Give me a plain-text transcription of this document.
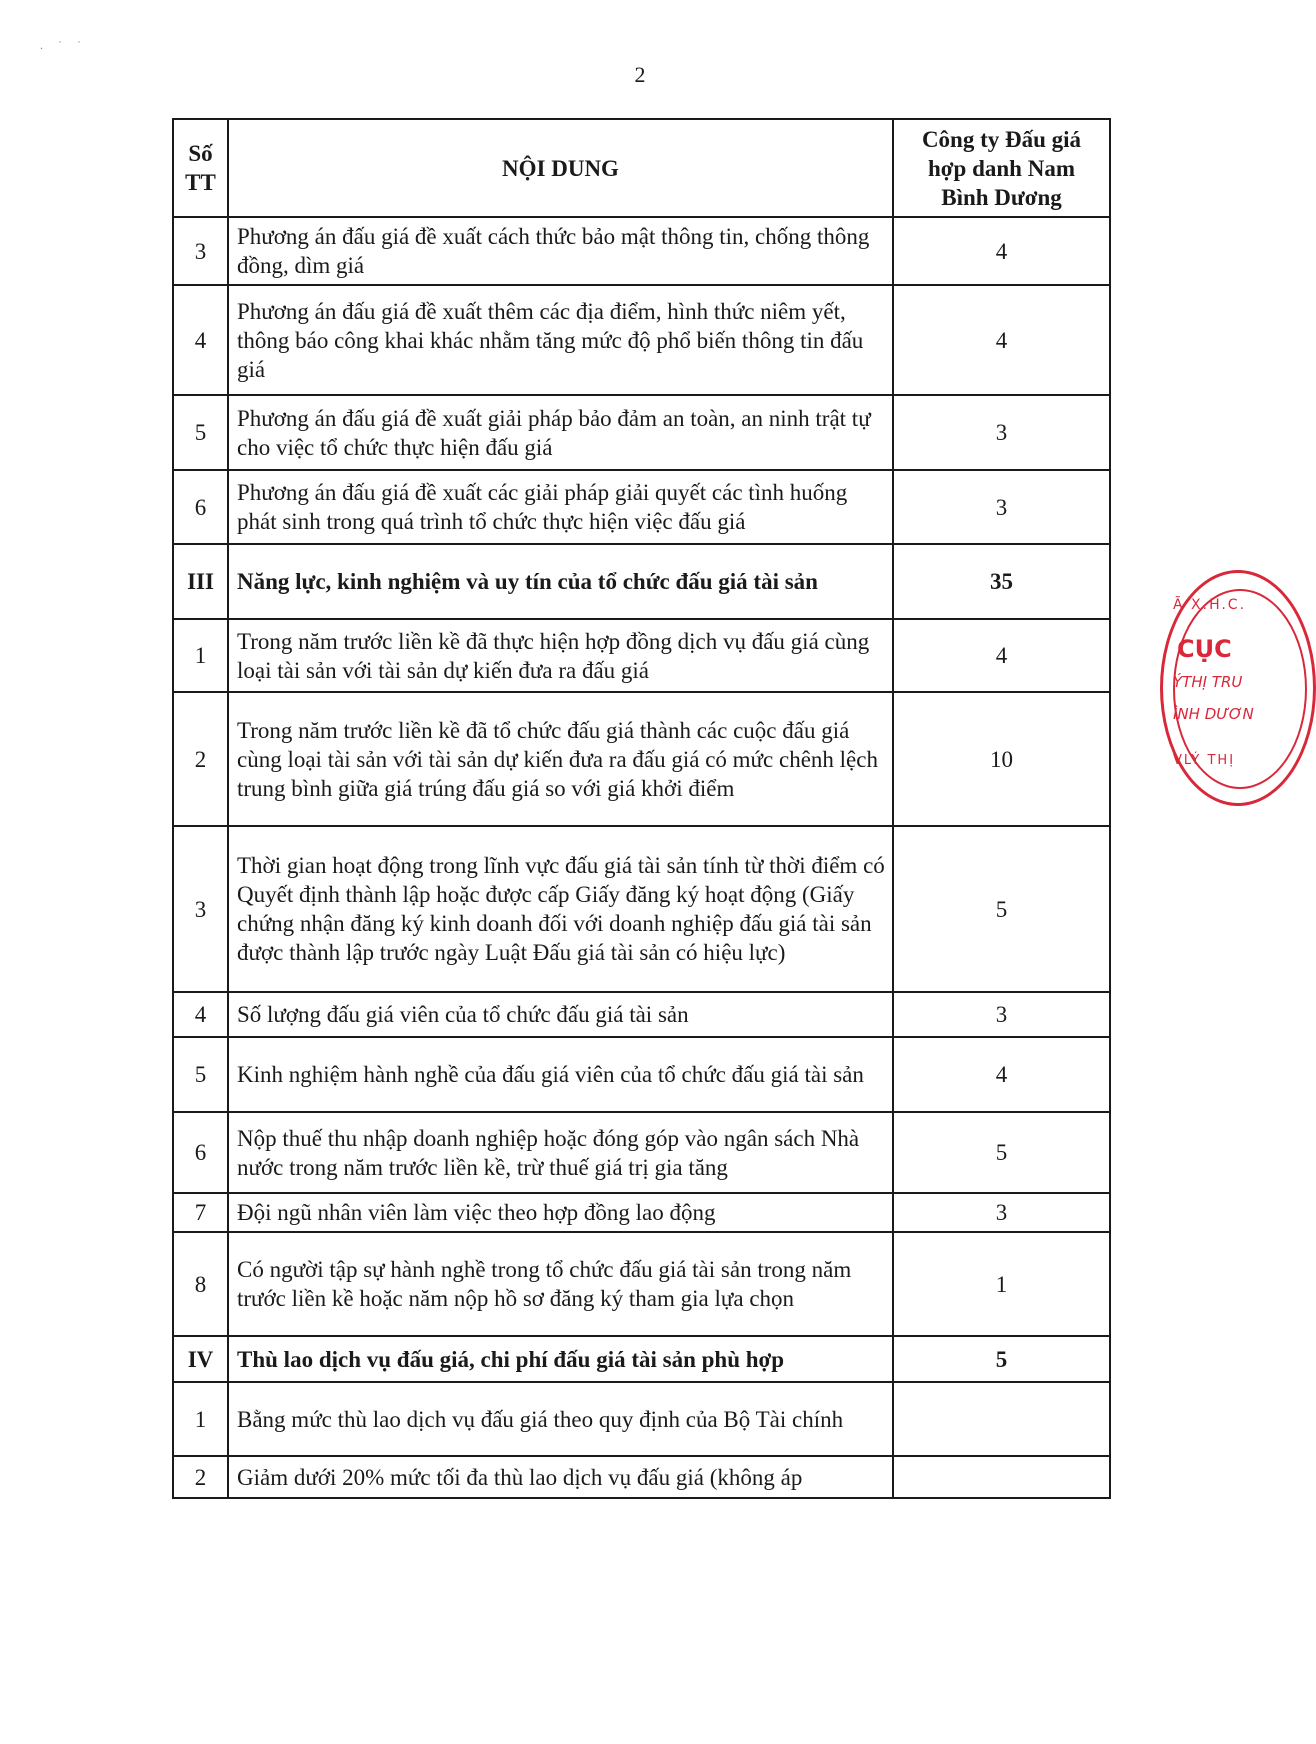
. ˙ ˙
2
Số TT	NỘI DUNG	Công ty Đấu giá hợp danh Nam Bình Dương
3	Phương án đấu giá đề xuất cách thức bảo mật thông tin, chống thông đồng, dìm giá	4
4	Phương án đấu giá đề xuất thêm các địa điểm, hình thức niêm yết, thông báo công khai khác nhằm tăng mức độ phổ biến thông tin đấu giá	4
5	Phương án đấu giá đề xuất giải pháp bảo đảm an toàn, an ninh trật tự cho việc tổ chức thực hiện đấu giá	3
6	Phương án đấu giá đề xuất các giải pháp giải quyết các tình huống phát sinh trong quá trình tổ chức thực hiện việc đấu giá	3
III	Năng lực, kinh nghiệm và uy tín của tổ chức đấu giá tài sản	35
1	Trong năm trước liền kề đã thực hiện hợp đồng dịch vụ đấu giá cùng loại tài sản với tài sản dự kiến đưa ra đấu giá	4
2	Trong năm trước liền kề đã tổ chức đấu giá thành các cuộc đấu giá cùng loại tài sản với tài sản dự kiến đưa ra đấu giá có mức chênh lệch trung bình giữa giá trúng đấu giá so với giá khởi điểm	10
3	Thời gian hoạt động trong lĩnh vực đấu giá tài sản tính từ thời điểm có Quyết định thành lập hoặc được cấp Giấy đăng ký hoạt động (Giấy chứng nhận đăng ký kinh doanh đối với doanh nghiệp đấu giá tài sản được thành lập trước ngày Luật Đấu giá tài sản có hiệu lực)	5
4	Số lượng đấu giá viên của tổ chức đấu giá tài sản	3
5	Kinh nghiệm hành nghề của đấu giá viên của tổ chức đấu giá tài sản	4
6	Nộp thuế thu nhập doanh nghiệp hoặc đóng góp vào ngân sách Nhà nước trong năm trước liền kề, trừ thuế giá trị gia tăng	5
7	Đội ngũ nhân viên làm việc theo hợp đồng lao động	3
8	Có người tập sự hành nghề trong tổ chức đấu giá tài sản trong năm trước liền kề hoặc năm nộp hồ sơ đăng ký tham gia lựa chọn	1
IV	Thù lao dịch vụ đấu giá, chi phí đấu giá tài sản phù hợp	5
1	Bằng mức thù lao dịch vụ đấu giá theo quy định của Bộ Tài chính	
2	Giảm dưới 20% mức tối đa thù lao dịch vụ đấu giá (không áp	
Ã X.H.C.
CỤC
ÝTHỊ TRU
ÌNH DƯƠN
VLÝ THỊ
